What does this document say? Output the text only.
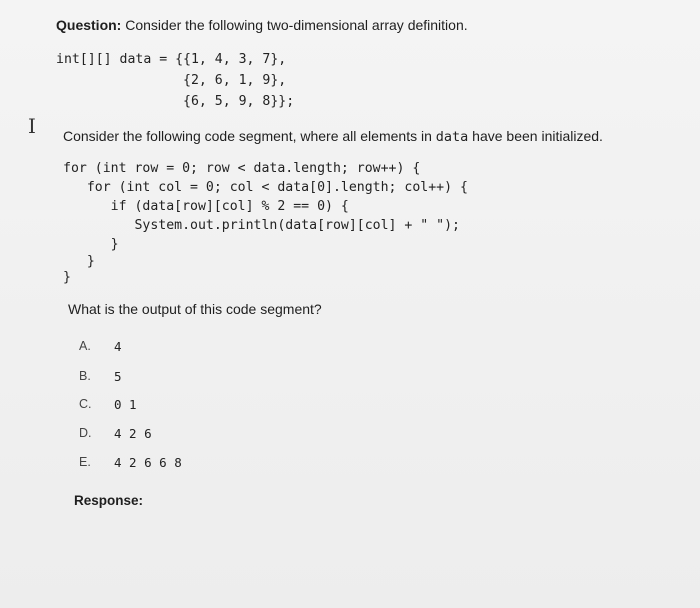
Question: Consider the following two-dimensional array definition.
int[][] data = {{1, 4, 3, 7},
{2, 6, 1, 9},
{6, 5, 9, 8}};
I Consider the following code segment, where all elements in data have been initialized.
for (int row = 0; row < data.length; row++) {
for (int col = 0; col < data[0].length; col++) {
if (data[row][col] % 2 == 0) {
System.out.println(data[row][col] + " ");
}
}
}
What is the output of this code segment?
A. 4
B. 5
C. 0 1
D. 4 2 6
E. 4 2 6 6 8
Response:
